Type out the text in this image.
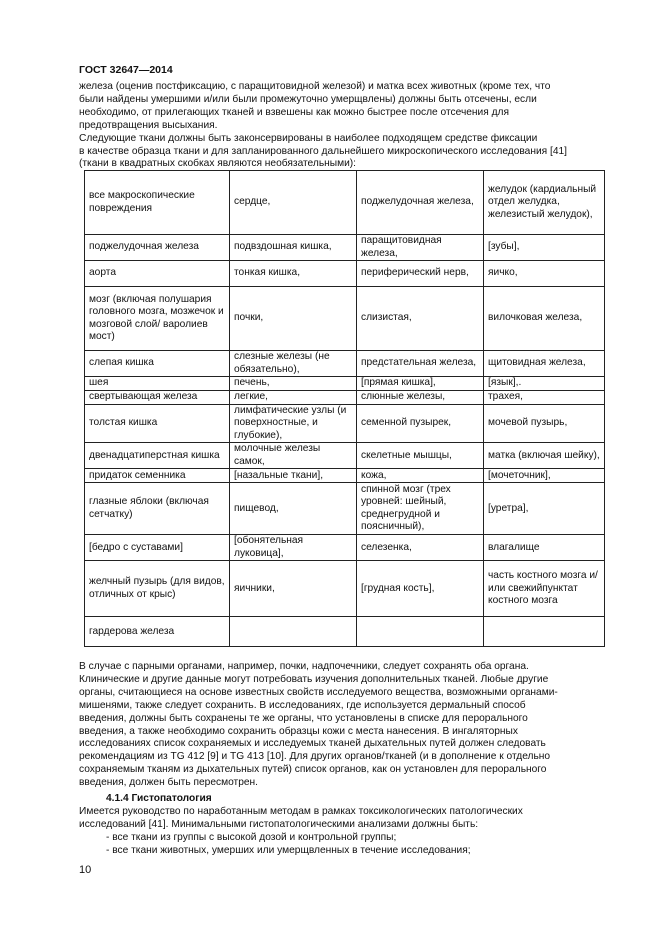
ГОСТ 32647—2014
железа (оценив постфиксацию, с паращитовидной железой) и матка всех животных (кроме тех, что
были найдены умершими и/или были промежуточно умерщвлены) должны быть отсечены, если
необходимо, от прилегающих тканей и взвешены как можно быстрее после отсечения для
предотвращения высыхания.
Следующие ткани должны быть законсервированы в наиболее подходящем средстве фиксации
в качестве образца ткани и для запланированного дальнейшего микроскопического исследования [41]
(ткани в квадратных скобках являются необязательными):
все макроскопические повреждения	сердце,	поджелудочная железа,	желудок (кардиальный отдел желудка, железистый желудок),
поджелудочная железа	подвздошная кишка,	паращитовидная железа,	[зубы],
аорта	тонкая кишка,	периферический нерв,	яичко,
мозг (включая полушария головного мозга, мозжечок и мозговой слой/ варолиев мост)	почки,	слизистая,	вилочковая железа,
слепая кишка	слезные железы (не обязательно),	предстательная железа,	щитовидная железа,
шея	печень,	[прямая кишка],	[язык],.
свертывающая железа	легкие,	слюнные железы,	трахея,
толстая кишка	лимфатические узлы (и поверхностные, и глубокие),	семенной пузырек,	мочевой пузырь,
двенадцатиперстная кишка	молочные железы самок,	скелетные мышцы,	матка (включая шейку),
придаток семенника	[назальные ткани],	кожа,	[мочеточник],
глазные яблоки (включая сетчатку)	пищевод,	спинной мозг (трех уровней: шейный, среднегрудной и поясничный),	[уретра],
[бедро с суставами]	[обонятельная луковица],	селезенка,	влагалище
желчный пузырь (для видов, отличных от крыс)	яичники,	[грудная кость],	часть костного мозга и/или свежийпунктат костного мозга
гардерова железа			
В случае с парными органами, например, почки, надпочечники, следует сохранять оба органа.
Клинические и другие данные могут потребовать изучения дополнительных тканей. Любые другие
органы, считающиеся на основе известных свойств исследуемого вещества, возможными органами-
мишенями, также следует сохранить. В исследованиях, где используется дермальный способ
введения, должны быть сохранены те же органы, что установлены в списке для перорального
введения, а также необходимо сохранить образцы кожи с места нанесения. В ингаляторных
исследованиях список сохраняемых и исследуемых тканей дыхательных путей должен следовать
рекомендациям из TG 412 [9] и TG 413 [10]. Для других органов/тканей (и в дополнение к отдельно
сохраняемым тканям из дыхательных путей) список органов, как он установлен для перорального
введения, должен быть пересмотрен.
4.1.4 Гистопатология
Имеется руководство по наработанным методам в рамках токсикологических патологических
исследований [41]. Минимальными гистопатологическими анализами должны быть:
- все ткани из группы с высокой дозой и контрольной группы;
- все ткани животных, умерших или умерщвленных в течение исследования;
10
